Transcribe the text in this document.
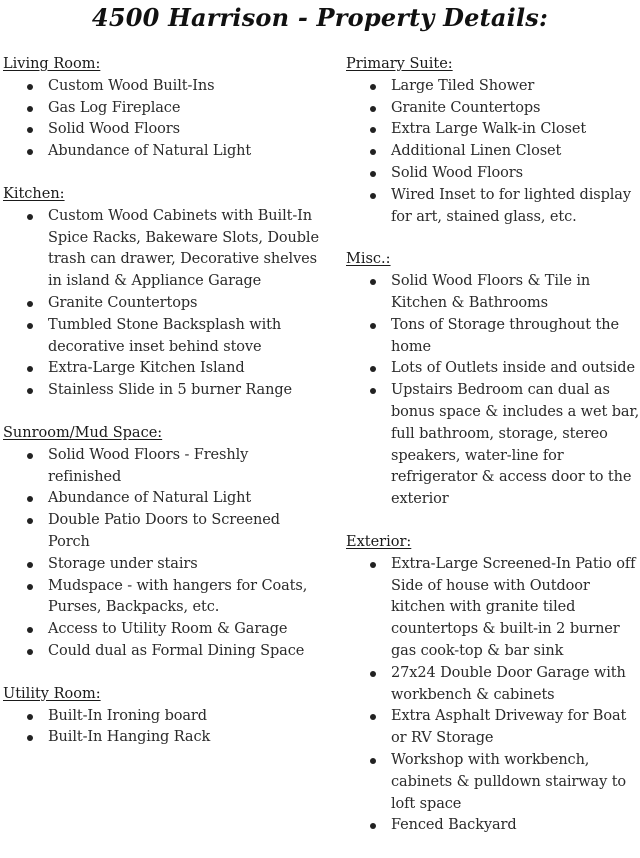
4500 Harrison - Property Details:
Living Room:
Custom Wood Built-Ins
Gas Log Fireplace
Solid Wood Floors
Abundance of Natural Light
Kitchen:
Custom Wood Cabinets with Built-In Spice Racks, Bakeware Slots, Double trash can drawer, Decorative shelves in island & Appliance Garage
Granite Countertops
Tumbled Stone Backsplash with decorative inset behind stove
Extra-Large Kitchen Island
Stainless Slide in 5 burner Range
Sunroom/Mud Space:
Solid Wood Floors - Freshly refinished
Abundance of Natural Light
Double Patio Doors to Screened Porch
Storage under stairs
Mudspace - with hangers for Coats, Purses, Backpacks, etc.
Access to Utility Room & Garage
Could dual as Formal Dining Space
Utility Room:
Built-In Ironing board
Built-In Hanging Rack
Primary Suite:
Large Tiled Shower
Granite Countertops
Extra Large Walk-in Closet
Additional Linen Closet
Solid Wood Floors
Wired Inset to for lighted display for art, stained glass, etc.
Misc.:
Solid Wood Floors & Tile in Kitchen & Bathrooms
Tons of Storage throughout the home
Lots of Outlets inside and outside
Upstairs Bedroom can dual as bonus space & includes a wet bar, full bathroom, storage, stereo speakers, water-line for refrigerator & access door to the exterior
Exterior:
Extra-Large Screened-In Patio off Side of house with Outdoor kitchen with granite tiled countertops & built-in 2 burner gas cook-top & bar sink
27x24 Double Door Garage with workbench & cabinets
Extra Asphalt Driveway for Boat or RV Storage
Workshop with workbench, cabinets & pulldown stairway to loft space
Fenced Backyard
